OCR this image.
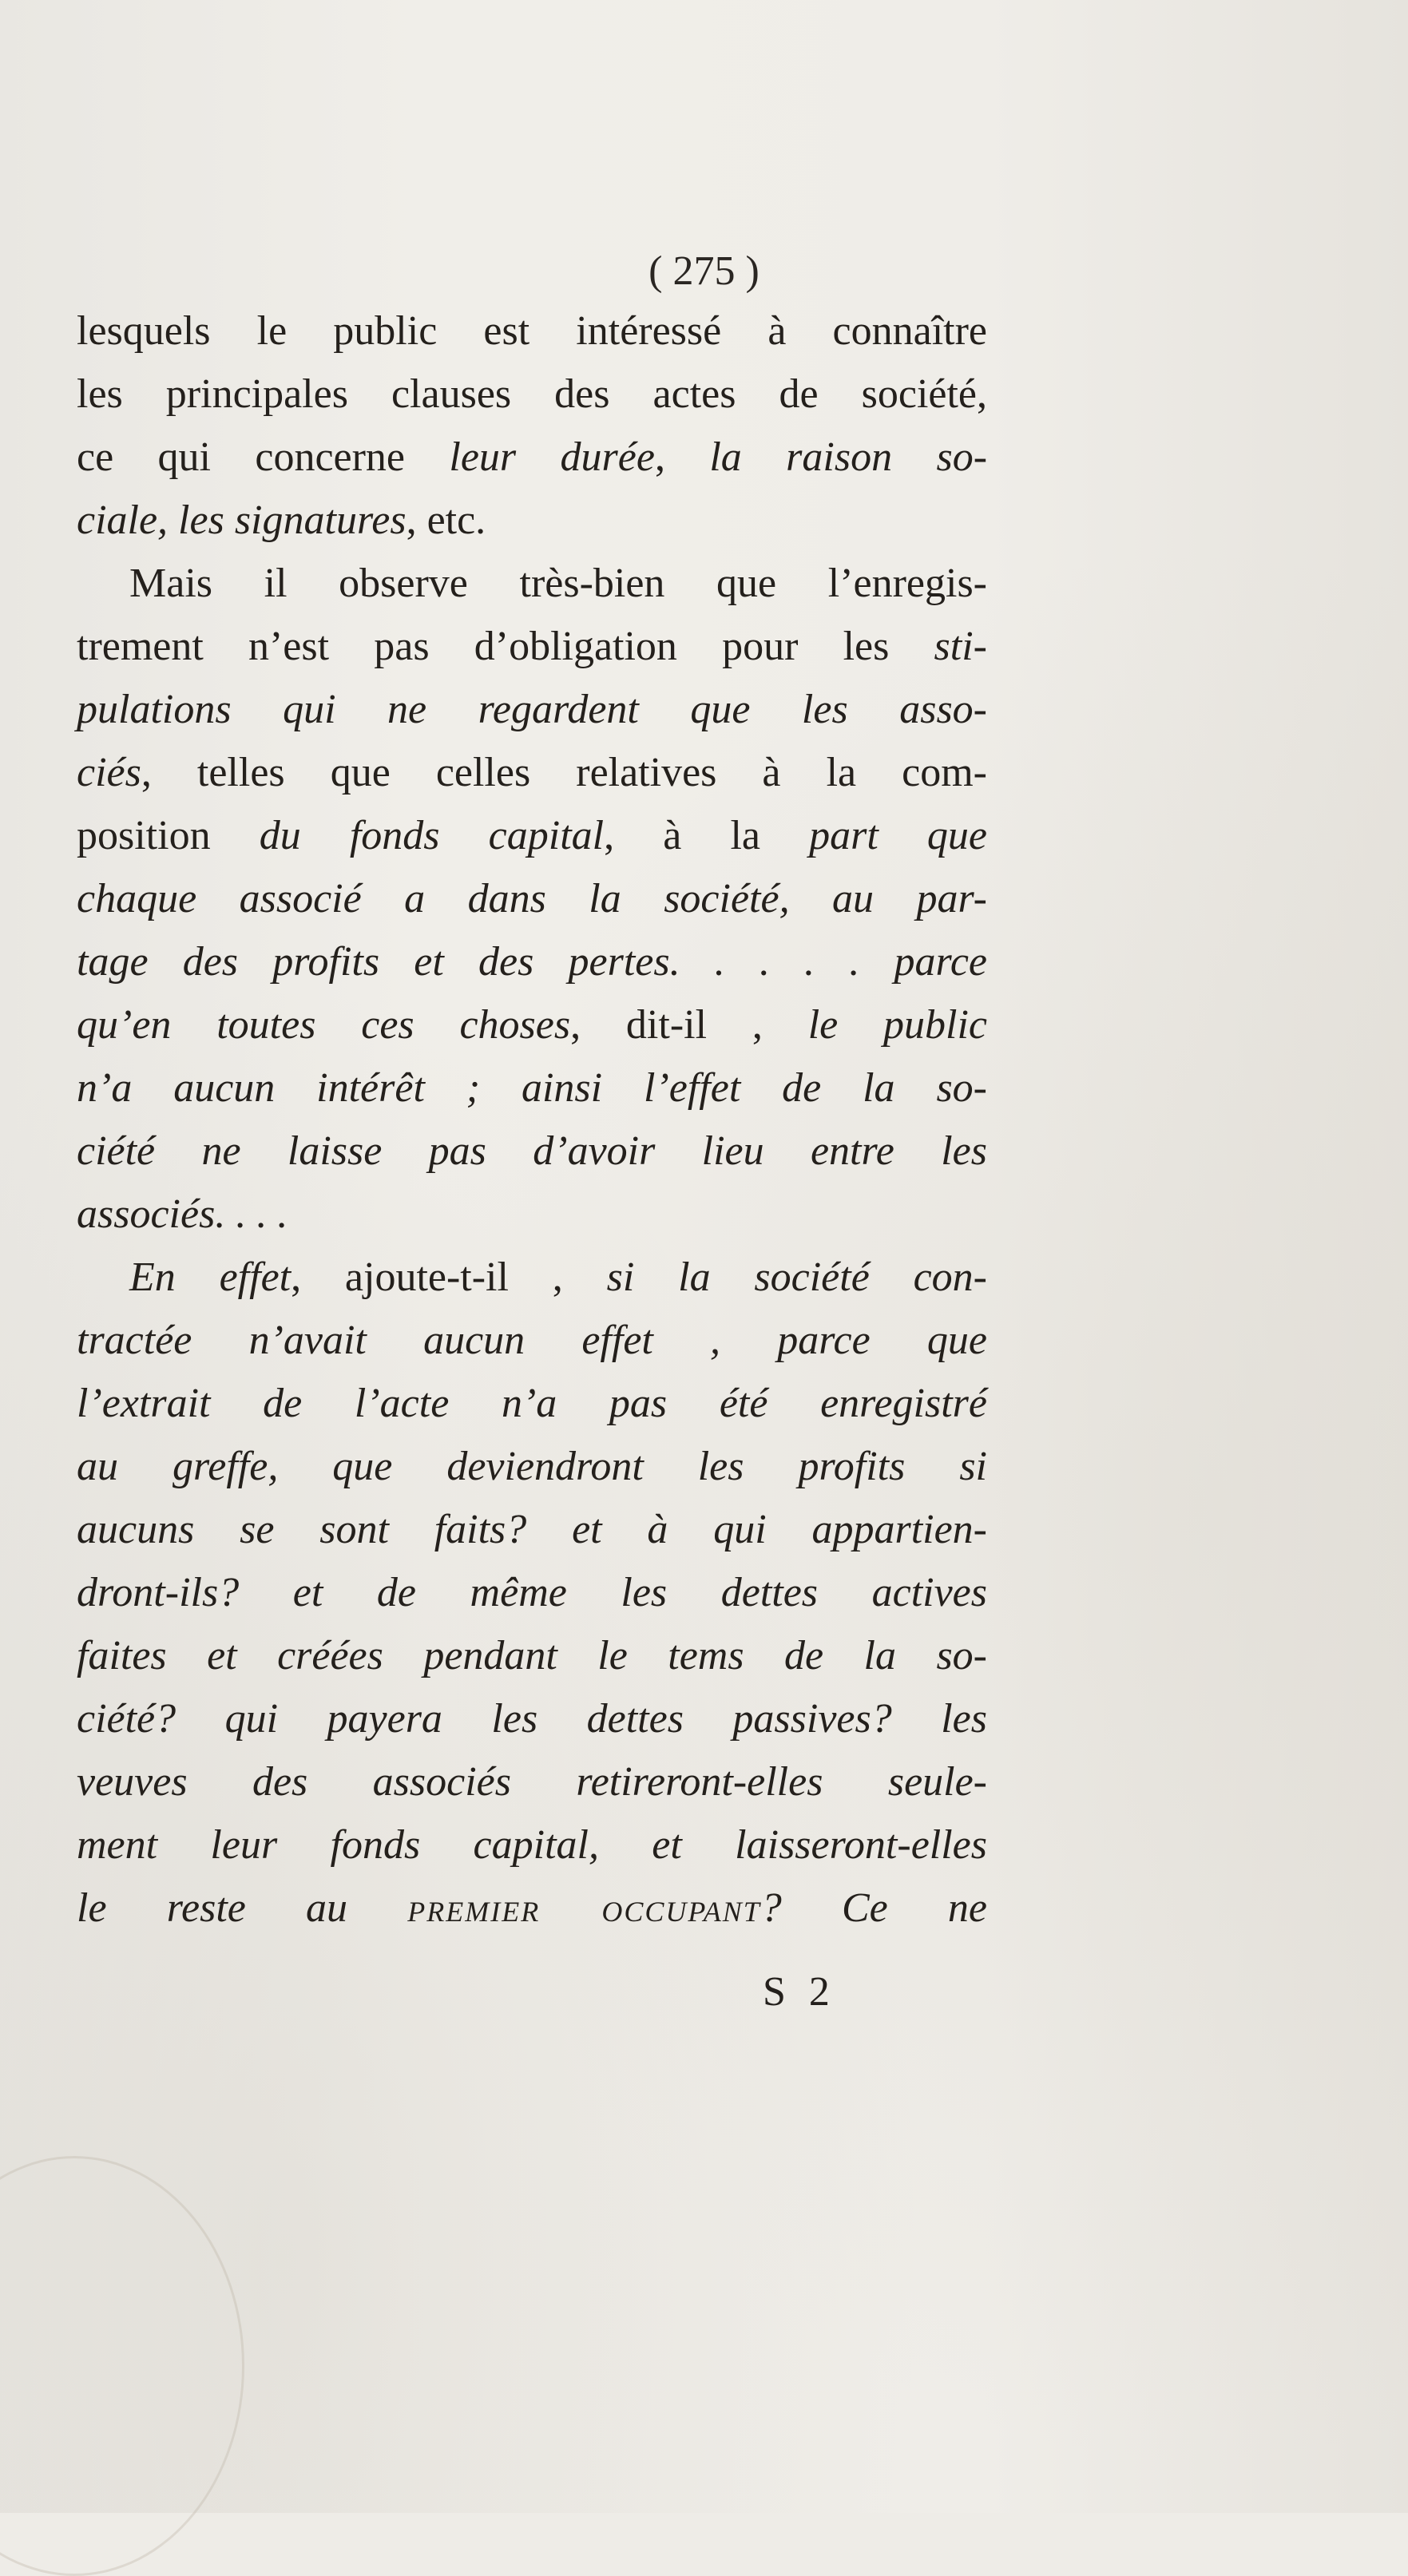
( 275 )
lesquels le public est intéressé à connaître
les principales clauses des actes de société,
ce qui concerne leur durée, la raison so-
ciale, les signatures, etc.
Mais il observe très-bien que l’enregis-
trement n’est pas d’obligation pour les sti-
pulations qui ne regardent que les asso-
ciés, telles que celles relatives à la com-
position du fonds capital, à la part que
chaque associé a dans la société, au par-
tage des profits et des pertes. . . . . parce
qu’en toutes ces choses, dit-il , le public
n’a aucun intérêt ; ainsi l’effet de la so-
ciété ne laisse pas d’avoir lieu entre les
associés. . . .
En effet, ajoute-t-il , si la société con-
tractée n’avait aucun effet , parce que
l’extrait de l’acte n’a pas été enregistré
au greffe, que deviendront les profits si
aucuns se sont faits? et à qui appartien-
dront-ils? et de même les dettes actives
faites et créées pendant le tems de la so-
ciété? qui payera les dettes passives? les
veuves des associés retireront-elles seule-
ment leur fonds capital, et laisseront-elles
le reste au premier occupant? Ce ne
S 2
